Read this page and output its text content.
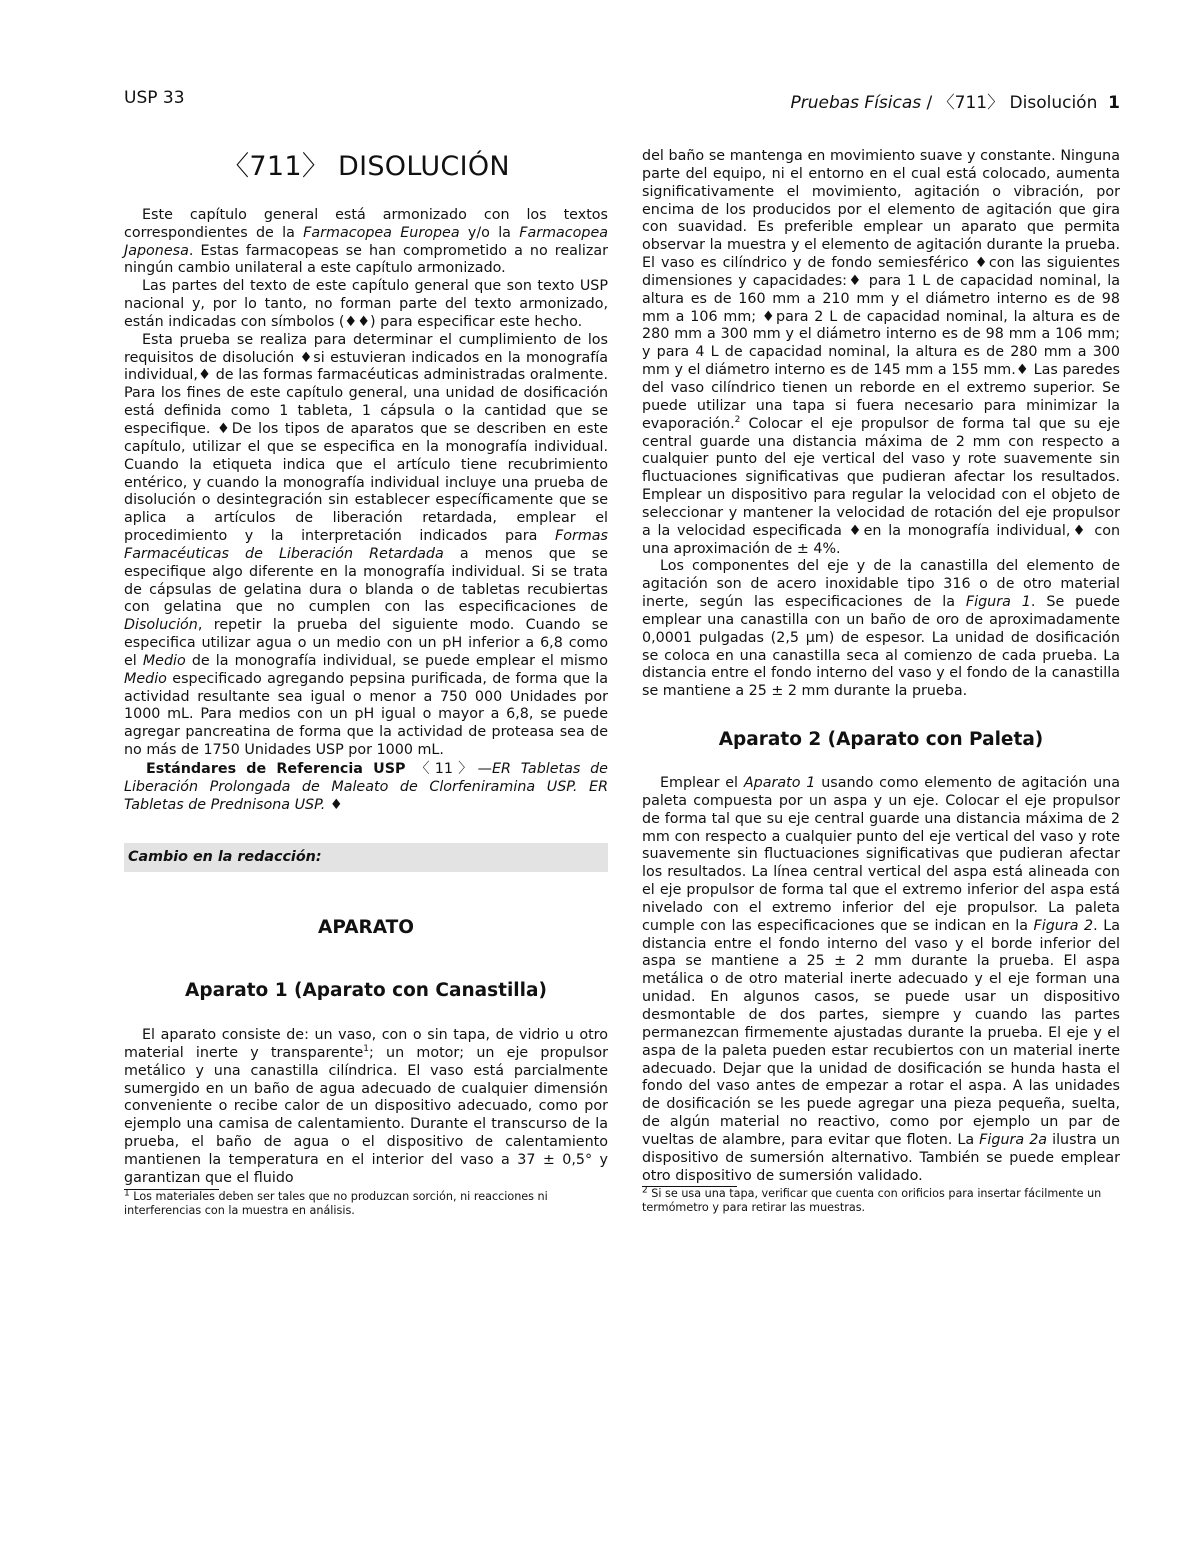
USP 33	Pruebas Físicas / 〈711〉 Disolución 1
〈711〉 DISOLUCIÓN

Este capítulo general está armonizado con los textos correspondientes de la Farmacopea Europea y/o la Farmacopea Japonesa. Estas farmacopeas se han comprometido a no realizar ningún cambio unilateral a este capítulo armonizado.

Las partes del texto de este capítulo general que son texto USP nacional y, por lo tanto, no forman parte del texto armonizado, están indicadas con símbolos (♦♦) para especificar este hecho.

Esta prueba se realiza para determinar el cumplimiento de los requisitos de disolución ♦si estuvieran indicados en la monografía individual,♦ de las formas farmacéuticas administradas oralmente. Para los fines de este capítulo general, una unidad de dosificación está definida como 1 tableta, 1 cápsula o la cantidad que se especifique. ♦De los tipos de aparatos que se describen en este capítulo, utilizar el que se especifica en la monografía individual. Cuando la etiqueta indica que el artículo tiene recubrimiento entérico, y cuando la monografía individual incluye una prueba de disolución o desintegración sin establecer específicamente que se aplica a artículos de liberación retardada, emplear el procedimiento y la interpretación indicados para Formas Farmacéuticas de Liberación Retardada a menos que se especifique algo diferente en la monografía individual. Si se trata de cápsulas de gelatina dura o blanda o de tabletas recubiertas con gelatina que no cumplen con las especificaciones de Disolución, repetir la prueba del siguiente modo. Cuando se especifica utilizar agua o un medio con un pH inferior a 6,8 como el Medio de la monografía individual, se puede emplear el mismo Medio especificado agregando pepsina purificada, de forma que la actividad resultante sea igual o menor a 750 000 Unidades por 1000 mL. Para medios con un pH igual o mayor a 6,8, se puede agregar pancreatina de forma que la actividad de proteasa sea de no más de 1750 Unidades USP por 1000 mL.

Estándares de Referencia USP 〈11〉—ER Tabletas de Liberación Prolongada de Maleato de Clorfeniramina USP. ER Tabletas de Prednisona USP. ♦

Cambio en la redacción:
APARATO
Aparato 1 (Aparato con Canastilla)

El aparato consiste de: un vaso, con o sin tapa, de vidrio u otro material inerte y transparente$^1$; un motor; un eje propulsor metálico y una canastilla cilíndrica. El vaso está parcialmente sumergido en un baño de agua adecuado de cualquier dimensión conveniente o recibe calor de un dispositivo adecuado, como por ejemplo una camisa de calentamiento. Durante el transcurso de la prueba, el baño de agua o el dispositivo de calentamiento mantienen la temperatura en el interior del vaso a 37 ± 0,5° y garantizan que el fluido

$^1$ Los materiales deben ser tales que no produzcan sorción, ni reacciones ni interferencias con la muestra en análisis.

del baño se mantenga en movimiento suave y constante. Ninguna parte del equipo, ni el entorno en el cual está colocado, aumenta significativamente el movimiento, agitación o vibración, por encima de los producidos por el elemento de agitación que gira con suavidad. Es preferible emplear un aparato que permita observar la muestra y el elemento de agitación durante la prueba. El vaso es cilíndrico y de fondo semiesférico ♦con las siguientes dimensiones y capacidades:♦ para 1 L de capacidad nominal, la altura es de 160 mm a 210 mm y el diámetro interno es de 98 mm a 106 mm; ♦para 2 L de capacidad nominal, la altura es de 280 mm a 300 mm y el diámetro interno es de 98 mm a 106 mm; y para 4 L de capacidad nominal, la altura es de 280 mm a 300 mm y el diámetro interno es de 145 mm a 155 mm.♦ Las paredes del vaso cilíndrico tienen un reborde en el extremo superior. Se puede utilizar una tapa si fuera necesario para minimizar la evaporación.$^2$ Colocar el eje propulsor de forma tal que su eje central guarde una distancia máxima de 2 mm con respecto a cualquier punto del eje vertical del vaso y rote suavemente sin fluctuaciones significativas que pudieran afectar los resultados. Emplear un dispositivo para regular la velocidad con el objeto de seleccionar y mantener la velocidad de rotación del eje propulsor a la velocidad especificada ♦en la monografía individual,♦ con una aproximación de ± 4%.

Los componentes del eje y de la canastilla del elemento de agitación son de acero inoxidable tipo 316 o de otro material inerte, según las especificaciones de la Figura 1. Se puede emplear una canastilla con un baño de oro de aproximadamente 0,0001 pulgadas (2,5 µm) de espesor. La unidad de dosificación se coloca en una canastilla seca al comienzo de cada prueba. La distancia entre el fondo interno del vaso y el fondo de la canastilla se mantiene a 25 ± 2 mm durante la prueba.

Aparato 2 (Aparato con Paleta)

Emplear el Aparato 1 usando como elemento de agitación una paleta compuesta por un aspa y un eje. Colocar el eje propulsor de forma tal que su eje central guarde una distancia máxima de 2 mm con respecto a cualquier punto del eje vertical del vaso y rote suavemente sin fluctuaciones significativas que pudieran afectar los resultados. La línea central vertical del aspa está alineada con el eje propulsor de forma tal que el extremo inferior del aspa está nivelado con el extremo inferior del eje propulsor. La paleta cumple con las especificaciones que se indican en la Figura 2. La distancia entre el fondo interno del vaso y el borde inferior del aspa se mantiene a 25 ± 2 mm durante la prueba. El aspa metálica o de otro material inerte adecuado y el eje forman una unidad. En algunos casos, se puede usar un dispositivo desmontable de dos partes, siempre y cuando las partes permanezcan firmemente ajustadas durante la prueba. El eje y el aspa de la paleta pueden estar recubiertos con un material inerte adecuado. Dejar que la unidad de dosificación se hunda hasta el fondo del vaso antes de empezar a rotar el aspa. A las unidades de dosificación se les puede agregar una pieza pequeña, suelta, de algún material no reactivo, como por ejemplo un par de vueltas de alambre, para evitar que floten. La Figura 2a ilustra un dispositivo de sumersión alternativo. También se puede emplear otro dispositivo de sumersión validado.

$^2$ Si se usa una tapa, verificar que cuenta con orificios para insertar fácilmente un termómetro y para retirar las muestras.
